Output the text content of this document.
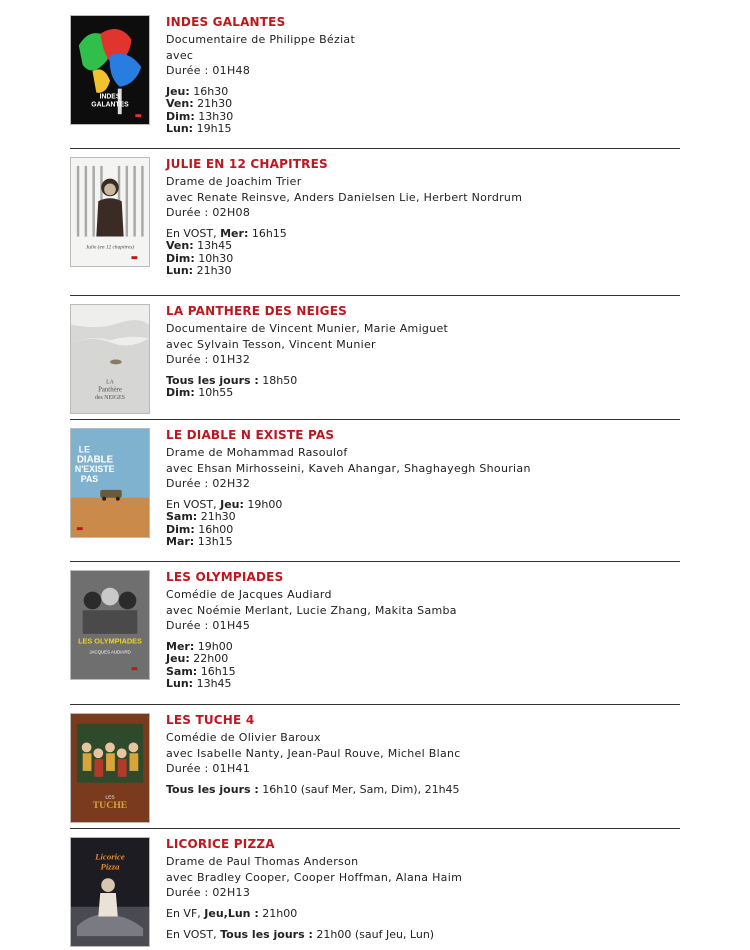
INDES
GALANTES
INDES GALANTES
Documentaire de Philippe Béziat
avec
Durée : 01H48
Jeu: 16h30
Ven: 21h30
Dim: 13h30
Lun: 19h15
Julie (en 12 chapitres)
JULIE EN 12 CHAPITRES
Drame de Joachim Trier
avec Renate Reinsve, Anders Danielsen Lie, Herbert Nordrum
Durée : 02H08
En VOST, Mer: 16h15
Ven: 13h45
Dim: 10h30
Lun: 21h30
LA
Panthère
des NEIGES
LA PANTHERE DES NEIGES
Documentaire de Vincent Munier, Marie Amiguet
avec Sylvain Tesson, Vincent Munier
Durée : 01H32
Tous les jours : 18h50
Dim: 10h55
LE
DIABLE
N'EXISTE
PAS
LE DIABLE N EXISTE PAS
Drame de Mohammad Rasoulof
avec Ehsan Mirhosseini, Kaveh Ahangar, Shaghayegh Shourian
Durée : 02H32
En VOST, Jeu: 19h00
Sam: 21h30
Dim: 16h00
Mar: 13h15
LES OLYMPIADES
JACQUES AUDIARD
LES OLYMPIADES
Comédie de Jacques Audiard
avec Noémie Merlant, Lucie Zhang, Makita Samba
Durée : 01H45
Mer: 19h00
Jeu: 22h00
Sam: 16h15
Lun: 13h45
LES
TUCHE
LES TUCHE 4
Comédie de Olivier Baroux
avec Isabelle Nanty, Jean-Paul Rouve, Michel Blanc
Durée : 01H41
Tous les jours : 16h10 (sauf Mer, Sam, Dim), 21h45
Licorice
Pizza
LICORICE PIZZA
Drame de Paul Thomas Anderson
avec Bradley Cooper, Cooper Hoffman, Alana Haim
Durée : 02H13
En VF, Jeu,Lun : 21h00
En VOST, Tous les jours : 21h00 (sauf Jeu, Lun)
